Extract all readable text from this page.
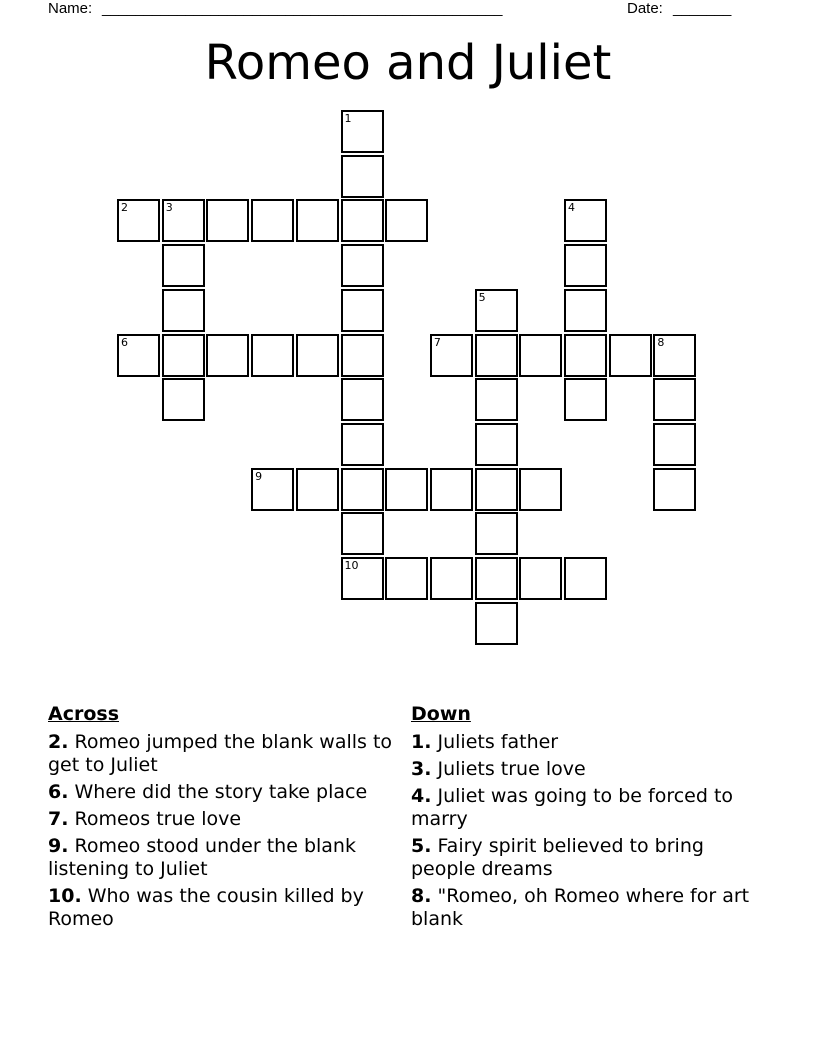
Name: ________________________________________________	Date: _______
Romeo and Juliet
1
2	3	4
5
6	7	8
9
10
Across
2. Romeo jumped the blank walls to get to Juliet
6. Where did the story take place
7. Romeos true love
9. Romeo stood under the blank listening to Juliet
10. Who was the cousin killed by Romeo
Down
1. Juliets father
3. Juliets true love
4. Juliet was going to be forced to marry
5. Fairy spirit believed to bring people dreams
8. "Romeo, oh Romeo where for art blank
